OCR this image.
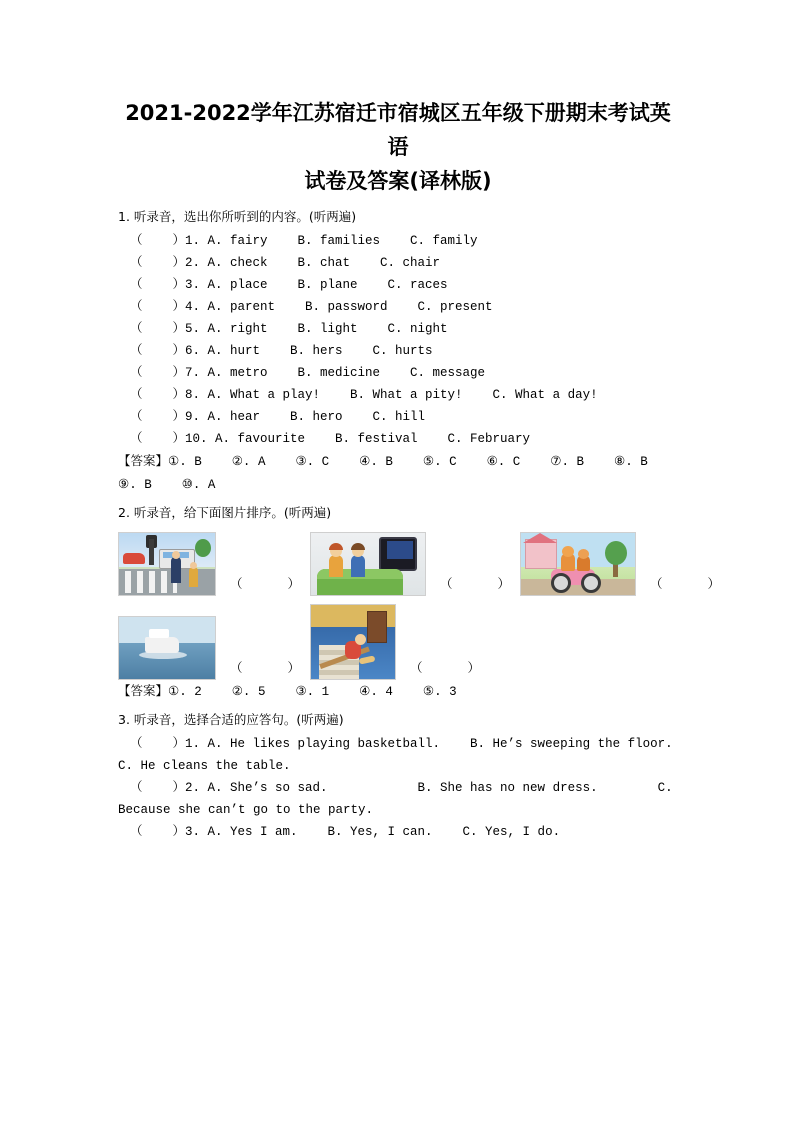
2021-2022学年江苏宿迁市宿城区五年级下册期末考试英语
试卷及答案(译林版)
1. 听录音，选出你所听到的内容。(听两遍)
（    ）1. A. fairy    B. families    C. family
（    ）2. A. check    B. chat    C. chair
（    ）3. A. place    B. plane    C. races
（    ）4. A. parent    B. password    C. present
（    ）5. A. right    B. light    C. night
（    ）6. A. hurt    B. hers    C. hurts
（    ）7. A. metro    B. medicine    C. message
（    ）8. A. What a play!    B. What a pity!    C. What a day!
（    ）9. A. hear    B. hero    C. hill
（    ）10. A. favourite    B. festival    C. February
【答案】①. B    ②. A    ③. C    ④. B    ⑤. C    ⑥. C    ⑦. B    ⑧. B    ⑨. B    ⑩. A
2. 听录音，给下面图片排序。(听两遍)
（      ）	（      ）	（      ）
（      ）	（      ）
【答案】①. 2    ②. 5    ③. 1    ④. 4    ⑤. 3
3. 听录音，选择合适的应答句。(听两遍)
（    ）1. A. He likes playing basketball.    B. He’s sweeping the floor.
C. He cleans the table.
（    ）2. A. She’s so sad.            B. She has no new dress.        C.
Because she can’t go to the party.
（    ）3. A. Yes I am.    B. Yes, I can.    C. Yes, I do.
